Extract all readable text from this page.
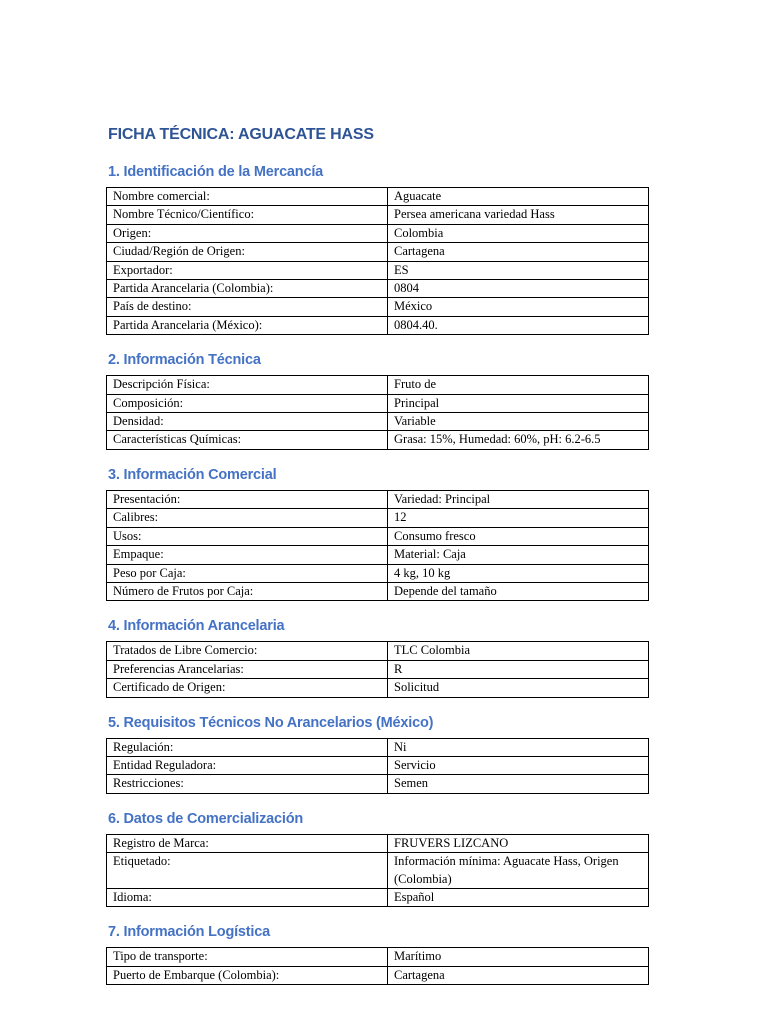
FICHA TÉCNICA: AGUACATE HASS
1. Identificación de la Mercancía
Nombre comercial:	Aguacate
Nombre Técnico/Científico:	Persea americana variedad Hass
Origen:	Colombia
Ciudad/Región de Origen:	Cartagena
Exportador:	ES
Partida Arancelaria (Colombia):	0804
País de destino:	México
Partida Arancelaria (México):	0804.40.
2. Información Técnica
Descripción Física:	Fruto de
Composición:	Principal
Densidad:	Variable
Características Químicas:	Grasa: 15%, Humedad: 60%, pH: 6.2-6.5
3. Información Comercial
Presentación:	Variedad: Principal
Calibres:	12
Usos:	Consumo fresco
Empaque:	Material: Caja
Peso por Caja:	4 kg, 10 kg
Número de Frutos por Caja:	Depende del tamaño
4. Información Arancelaria
Tratados de Libre Comercio:	TLC Colombia
Preferencias Arancelarias:	R
Certificado de Origen:	Solicitud
5. Requisitos Técnicos No Arancelarios (México)
Regulación:	Ni
Entidad Reguladora:	Servicio
Restricciones:	Semen
6. Datos de Comercialización
Registro de Marca:	FRUVERS LIZCANO
Etiquetado:	Información mínima: Aguacate Hass, Origen (Colombia)
Idioma:	Español
7. Información Logística
Tipo de transporte:	Marítimo
Puerto de Embarque (Colombia):	Cartagena
